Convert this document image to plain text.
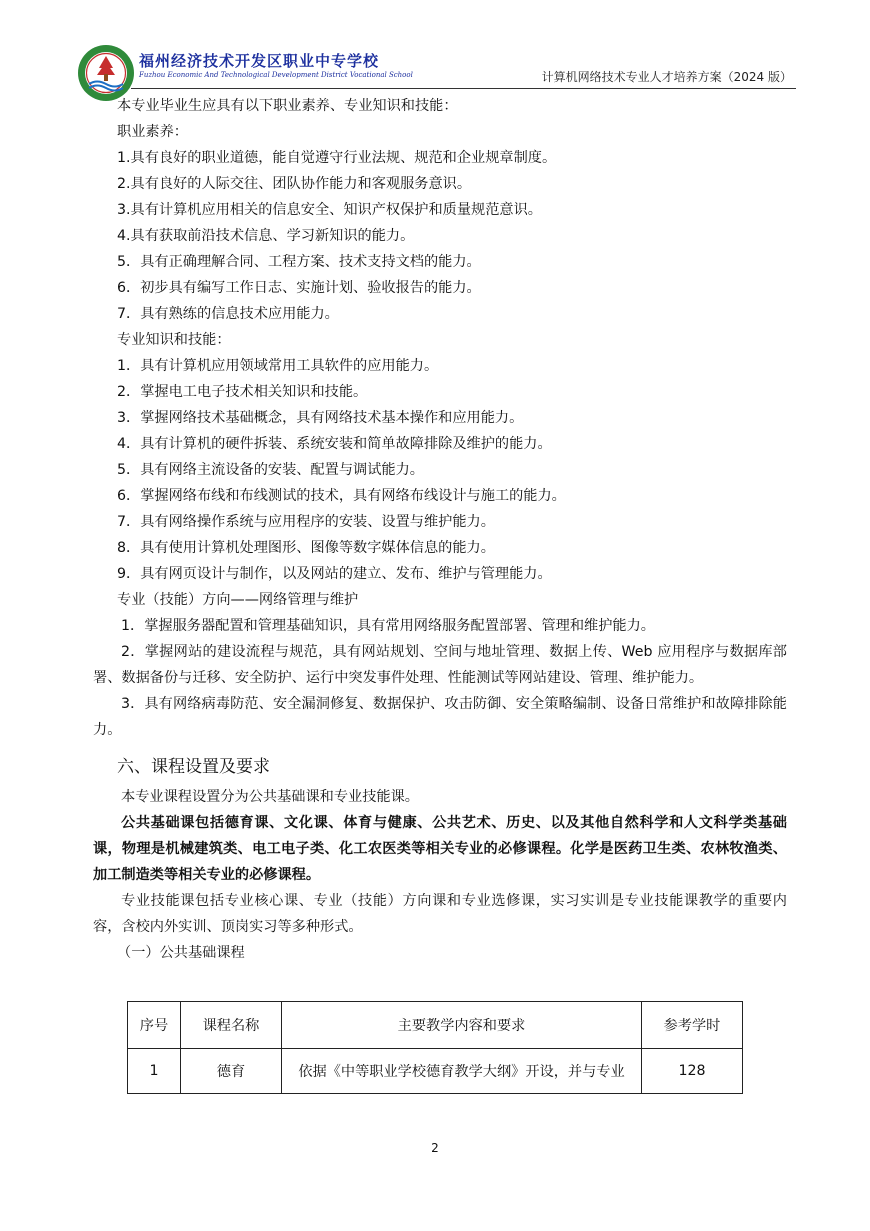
福州经济技术开发区职业中专学校
Fuzhou Economic And Technological Development District Vocational School	计算机网络技术专业人才培养方案（2024 版）
本专业毕业生应具有以下职业素养、专业知识和技能：
职业素养：
1.具有良好的职业道德，能自觉遵守行业法规、规范和企业规章制度。
2.具有良好的人际交往、团队协作能力和客观服务意识。
3.具有计算机应用相关的信息安全、知识产权保护和质量规范意识。
4.具有获取前沿技术信息、学习新知识的能力。
5．具有正确理解合同、工程方案、技术支持文档的能力。
6．初步具有编写工作日志、实施计划、验收报告的能力。
7．具有熟练的信息技术应用能力。
专业知识和技能：
1．具有计算机应用领域常用工具软件的应用能力。
2．掌握电工电子技术相关知识和技能。
3．掌握网络技术基础概念，具有网络技术基本操作和应用能力。
4．具有计算机的硬件拆装、系统安装和简单故障排除及维护的能力。
5．具有网络主流设备的安装、配置与调试能力。
6．掌握网络布线和布线测试的技术，具有网络布线设计与施工的能力。
7．具有网络操作系统与应用程序的安装、设置与维护能力。
8．具有使用计算机处理图形、图像等数字媒体信息的能力。
9．具有网页设计与制作，以及网站的建立、发布、维护与管理能力。
专业（技能）方向——网络管理与维护
1．掌握服务器配置和管理基础知识，具有常用网络服务配置部署、管理和维护能力。
2．掌握网站的建设流程与规范，具有网站规划、空间与地址管理、数据上传、Web 应用程序与数据库部署、数据备份与迁移、安全防护、运行中突发事件处理、性能测试等网站建设、管理、维护能力。
3．具有网络病毒防范、安全漏洞修复、数据保护、攻击防御、安全策略编制、设备日常维护和故障排除能力。
六、课程设置及要求
本专业课程设置分为公共基础课和专业技能课。
公共基础课包括德育课、文化课、体育与健康、公共艺术、历史、以及其他自然科学和人文科学类基础课，物理是机械建筑类、电工电子类、化工农医类等相关专业的必修课程。化学是医药卫生类、农林牧渔类、加工制造类等相关专业的必修课程。
专业技能课包括专业核心课、专业（技能）方向课和专业选修课，实习实训是专业技能课教学的重要内容，含校内外实训、顶岗实习等多种形式。
（一）公共基础课程
序号	课程名称	主要教学内容和要求	参考学时
1	德育	依据《中等职业学校德育教学大纲》开设，并与专业	128
2
